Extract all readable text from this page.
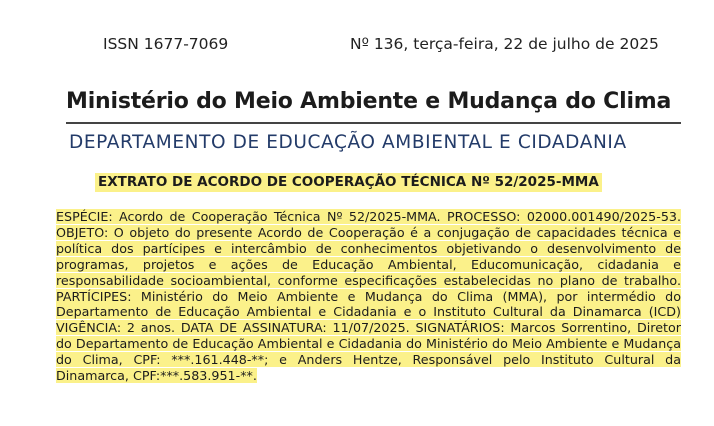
ISSN 1677-7069	Nº 136, terça-feira, 22 de julho de 2025
Ministério do Meio Ambiente e Mudança do Clima
DEPARTAMENTO DE EDUCAÇÃO AMBIENTAL E CIDADANIA
EXTRATO DE ACORDO DE COOPERAÇÃO TÉCNICA Nº 52/2025-MMA
ESPÉCIE: Acordo de Cooperação Técnica Nº 52/2025-MMA. PROCESSO: 02000.001490/2025-53. OBJETO: O objeto do presente Acordo de Cooperação é a conjugação de capacidades técnica e política dos partícipes e intercâmbio de conhecimentos objetivando o desenvolvimento de programas, projetos e ações de Educação Ambiental, Educomunicação, cidadania e responsabilidade socioambiental, conforme especificações estabelecidas no plano de trabalho. PARTÍCIPES: Ministério do Meio Ambiente e Mudança do Clima (MMA), por intermédio do Departamento de Educação Ambiental e Cidadania e o Instituto Cultural da Dinamarca (ICD) VIGÊNCIA: 2 anos. DATA DE ASSINATURA: 11/07/2025. SIGNATÁRIOS: Marcos Sorrentino, Diretor do Departamento de Educação Ambiental e Cidadania do Ministério do Meio Ambiente e Mudança do Clima, CPF: ***.161.448-**; e Anders Hentze, Responsável pelo Instituto Cultural da Dinamarca, CPF:***.583.951-**.
